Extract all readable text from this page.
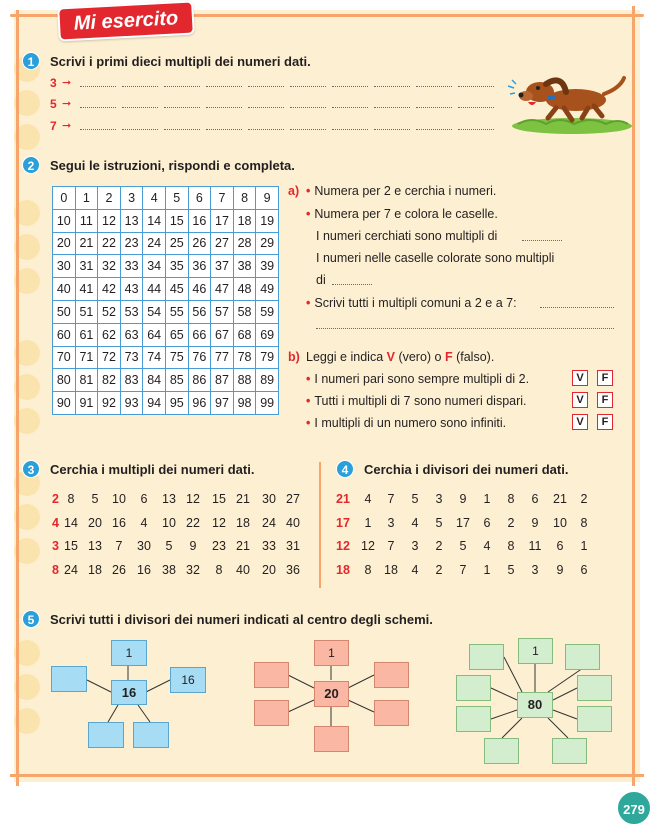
Mi esercito
1	Scrivi i primi dieci multipli dei numeri dati.
3 ➞
5 ➞
7 ➞
2	Segui le istruzioni, rispondi e completa.
0	1	2	3	4	5	6	7	8	9
10	11	12	13	14	15	16	17	18	19
20	21	22	23	24	25	26	27	28	29
30	31	32	33	34	35	36	37	38	39
40	41	42	43	44	45	46	47	48	49
50	51	52	53	54	55	56	57	58	59
60	61	62	63	64	65	66	67	68	69
70	71	72	73	74	75	76	77	78	79
80	81	82	83	84	85	86	87	88	89
90	91	92	93	94	95	96	97	98	99
a) • Numera per 2 e cerchia i numeri.
• Numera per 7 e colora le caselle.
I numeri cerchiati sono multipli di
I numeri nelle caselle colorate sono multipli
di
• Scrivi tutti i multipli comuni a 2 e a 7:
b) Leggi e indica V (vero) o F (falso).
• I numeri pari sono sempre multipli di 2.
• Tutti i multipli di 7 sono numeri dispari.
• I multipli di un numero sono infiniti.
V	F
V	F
V	F
3	Cerchia i multipli dei numeri dati.
2 8	5	10	6	13 12 15 21 30 27
4 14 20 16	4	10 22 12 18 24 40
3 15 13	7	30	5	9	23 21 33 31
8 24 18 26 16 38 32	8	40 20 36
4	Cerchia i divisori dei numeri dati.
21	4	7	5	3	9	1	8	6	21	2
17	1	3	4	5	17	6	2	9	10	8
12 12	7	3	2	5	4	8	11	6	1
18	8	18	4	2	7	1	5	3	9	6
5	Scrivi tutti i divisori dei numeri indicati al centro degli schemi.
1
16
16
1
20
1
80
279
